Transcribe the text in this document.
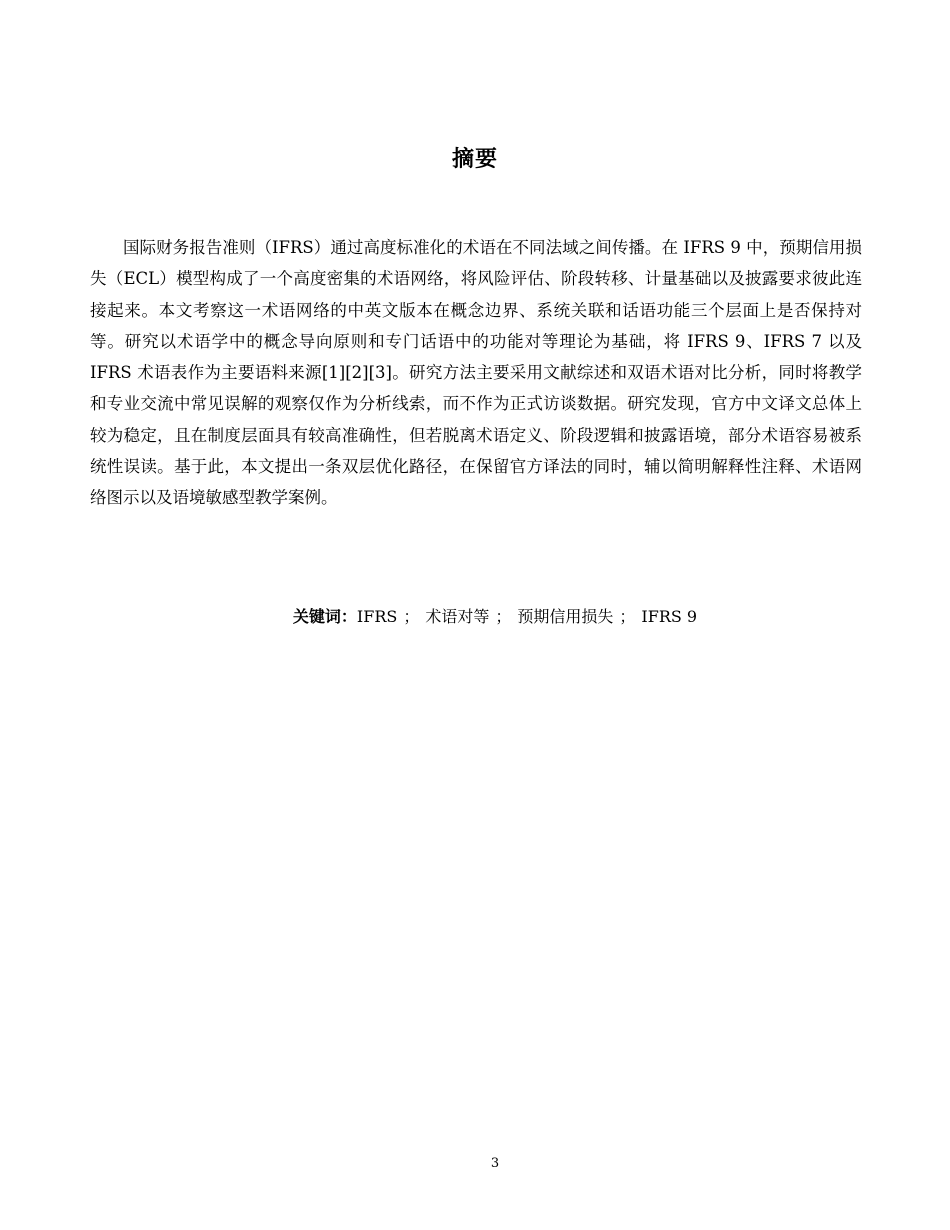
摘要

国际财务报告准则（IFRS）通过高度标准化的术语在不同法域之间传播。在 IFRS 9 中，预期信用损失（ECL）模型构成了一个高度密集的术语网络，将风险评估、阶段转移、计量基础以及披露要求彼此连接起来。本文考察这一术语网络的中英文版本在概念边界、系统关联和话语功能三个层面上是否保持对等。研究以术语学中的概念导向原则和专门话语中的功能对等理论为基础，将 IFRS 9、IFRS 7 以及 IFRS 术语表作为主要语料来源[1][2][3]。研究方法主要采用文献综述和双语术语对比分析，同时将教学和专业交流中常见误解的观察仅作为分析线索，而不作为正式访谈数据。研究发现，官方中文译文总体上较为稳定，且在制度层面具有较高准确性，但若脱离术语定义、阶段逻辑和披露语境，部分术语容易被系统性误读。基于此，本文提出一条双层优化路径，在保留官方译法的同时，辅以简明解释性注释、术语网络图示以及语境敏感型教学案例。

关键词：IFRS ； 术语对等 ； 预期信用损失 ； IFRS 9
3
